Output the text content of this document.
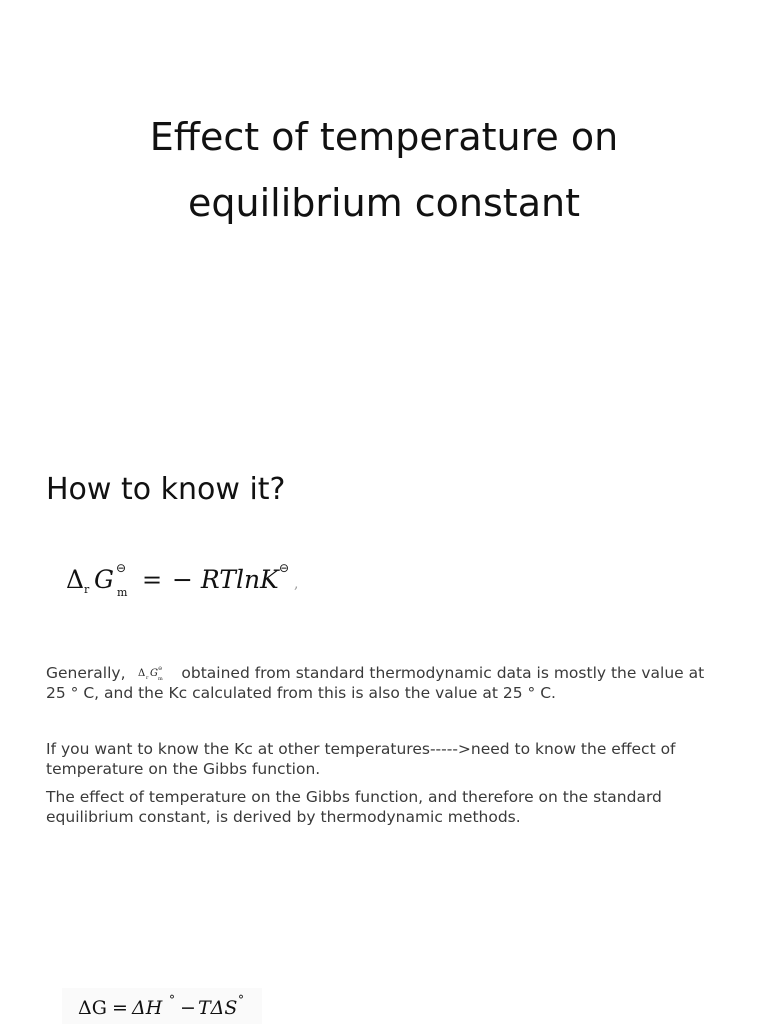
Effect of temperature on
equilibrium constant
How to know it?
Δ r G ⊖
m = − RTlnK ⊖
,

Generally, Δ r G ⊖
m obtained from standard thermodynamic data is mostly the value at 25 ° C, and the Kc calculated from this is also the value at 25 ° C.

If you want to know the Kc at other temperatures----->need to know the effect of temperature on the Gibbs function.

The effect of temperature on the Gibbs function, and therefore on the standard equilibrium constant, is derived by thermodynamic methods.

ΔG = ΔH ° − TΔS °
